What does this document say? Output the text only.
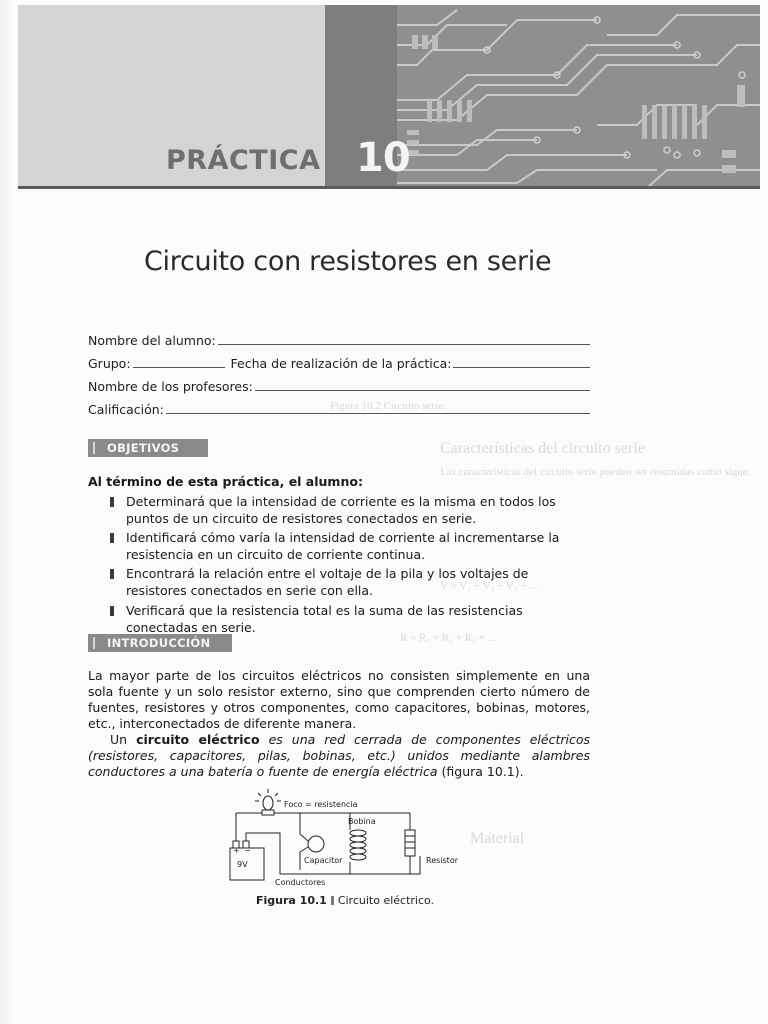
Características del circuito serie
Las características del circuito serie pueden ser resumidas como sigue:
V = V₁ + V₂ + V₃ + ...
R = R₁ + R₂ + R₃ + ...
Material
Figura 10.2 Circuito serie.
PRÁCTICA 10
Circuito con resistores en serie
Nombre del alumno:
Grupo:	Fecha de realización de la práctica:
Nombre de los profesores:
Calificación:
OBJETIVOS
Al término de esta práctica, el alumno:
Determinará que la intensidad de corriente es la misma en todos los puntos de un circuito de resistores conectados en serie.
Identificará cómo varía la intensidad de corriente al incrementarse la resistencia en un circuito de corriente continua.
Encontrará la relación entre el voltaje de la pila y los voltajes de resistores conectados en serie con ella.
Verificará que la resistencia total es la suma de las resistencias conectadas en serie.
INTRODUCCIÓN

La mayor parte de los circuitos eléctricos no consisten simplemente en una sola fuente y un solo resistor externo, sino que comprenden cierto número de fuentes, resistores y otros componentes, como capacitores, bobinas, motores, etc., interconectados de diferente manera.

Un circuito eléctrico es una red cerrada de componentes eléctricos (resistores, capacitores, pilas, bobinas, etc.) unidos mediante alambres conductores a una batería o fuente de energía eléctrica (figura 10.1).

Foco = resistencia
Bobina
Capacitor	Resistor
+ −
9V
Conductores
Figura 10.1 Circuito eléctrico.
